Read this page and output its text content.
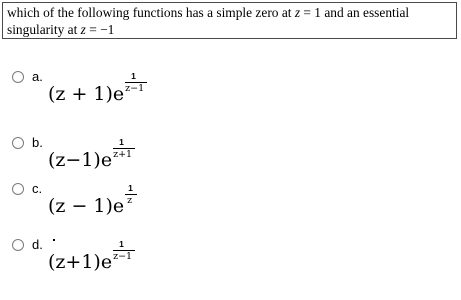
which of the following functions has a simple zero at z = 1 and an essential
singularity at z = −1
a.
$(z + 1)e \frac{1}{z-1}$
b.
$(z-1)e \frac{1}{z+1}$
c.
$(z - 1)e \frac{1}{z}$
d.
$(z+1)e \frac{1}{z-1}$
